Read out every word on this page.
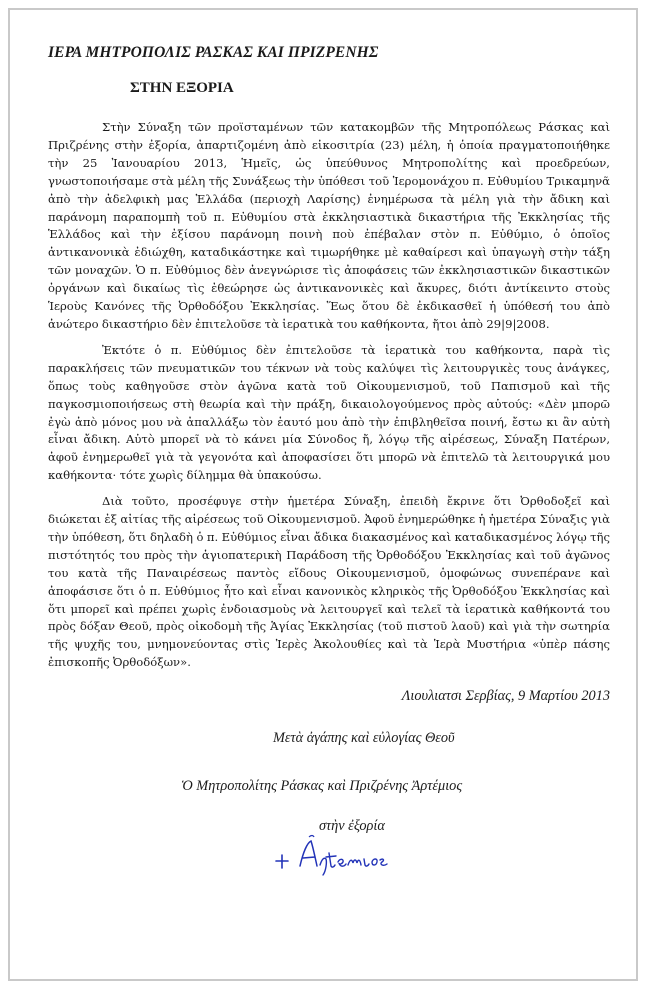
ΙΕΡΑ ΜΗΤΡΟΠΟΛΙΣ ΡΑΣΚΑΣ ΚΑΙ ΠΡΙΖΡΕΝΗΣ
ΣΤΗΝ ΕΞΟΡΙΑ

Στὴν Σύναξη τῶν προϊσταμένων τῶν κατακομβῶν τῆς Μητροπόλεως Ράσκας καὶ Πριζρένης στὴν ἐξορία, ἀπαρτιζομένη ἀπὸ εἰκοσιτρία (23) μέλη, ἡ ὁποία πραγματοποιήθηκε τὴν 25 Ἰανουαρίου 2013, Ἡμεῖς, ὡς ὑπεύθυνος Μητροπολίτης καὶ προεδρεύων, γνωστοποιήσαμε στὰ μέλη τῆς Συνάξεως τὴν ὑπόθεσι τοῦ Ἱερομονάχου π. Εὐθυμίου Τρικαμηνᾶ ἀπὸ τὴν ἀδελφικὴ μας Ἑλλάδα (περιοχὴ Λαρίσης) ἐνημέρωσα τὰ μέλη γιὰ τὴν ἄδικη καὶ παράνομη παραπομπὴ τοῦ π. Εὐθυμίου στὰ ἐκκλησιαστικὰ δικαστήρια τῆς Ἐκκλησίας τῆς Ἑλλάδος καὶ τὴν ἐξίσου παράνομη ποινὴ ποὺ ἐπέβαλαν στὸν π. Εὐθύμιο, ὁ ὁποῖος ἀντικανονικὰ ἐδιώχθη, καταδικάστηκε καὶ τιμωρήθηκε μὲ καθαίρεσι καὶ ὑπαγωγὴ στὴν τάξη τῶν μοναχῶν. Ὁ π. Εὐθύμιος δὲν ἀνεγνώρισε τὶς ἀποφάσεις τῶν ἐκκλησιαστικῶν δικαστικῶν ὀργάνων καὶ δικαίως τὶς ἐθεώρησε ὡς ἀντικανονικὲς καὶ ἄκυρες, διότι ἀντίκειντο στοὺς Ἱεροὺς Κανόνες τῆς Ὀρθοδόξου Ἐκκλησίας. Ἕως ὅτου δὲ ἐκδικασθεῖ ἡ ὑπόθεσή του ἀπὸ ἀνώτερο δικαστήριο δὲν ἐπιτελοῦσε τὰ ἱερατικὰ του καθήκοντα, ἤτοι ἀπὸ 29|9|2008.

Ἐκτότε ὁ π. Εὐθύμιος δὲν ἐπιτελοῦσε τὰ ἱερατικὰ του καθήκοντα, παρὰ τὶς παρακλήσεις τῶν πνευματικῶν του τέκνων νὰ τοὺς καλύψει τὶς λειτουργικὲς τους ἀνάγκες, ὅπως τοὺς καθηγοῦσε στὸν ἀγῶνα κατὰ τοῦ Οἰκουμενισμοῦ, τοῦ Παπισμοῦ καὶ τῆς παγκοσμιοποιήσεως στὴ θεωρία καὶ τὴν πράξη, δικαιολογούμενος πρὸς αὐτούς: «Δὲν μπορῶ ἐγὼ ἀπὸ μόνος μου νὰ ἀπαλλάξω τὸν ἑαυτό μου ἀπὸ τὴν ἐπιβληθεῖσα ποινή, ἔστω κι ἂν αὐτὴ εἶναι ἄδικη. Αὐτὸ μπορεῖ νὰ τὸ κάνει μία Σύνοδος ἤ, λόγῳ τῆς αἱρέσεως, Σύναξη Πατέρων, ἀφοῦ ἐνημερωθεῖ γιὰ τὰ γεγονότα καὶ ἀποφασίσει ὅτι μπορῶ νὰ ἐπιτελῶ τὰ λειτουργικά μου καθήκοντα· τότε χωρὶς δίλημμα θὰ ὑπακούσω.

Διὰ τοῦτο, προσέφυγε στὴν ἡμετέρα Σύναξη, ἐπειδὴ ἔκρινε ὅτι Ὀρθοδοξεῖ καὶ διώκεται ἐξ αἰτίας τῆς αἱρέσεως τοῦ Οἰκουμενισμοῦ. Ἀφοῦ ἐνημερώθηκε ἡ ἡμετέρα Σύναξις γιὰ τὴν ὑπόθεση, ὅτι δηλαδὴ ὁ π. Εὐθύμιος εἶναι ἄδικα διακασμένος καὶ καταδικασμένος λόγῳ τῆς πιστότητός του πρὸς τὴν ἁγιοπατερικὴ Παράδοση τῆς Ὀρθοδόξου Ἐκκλησίας καὶ τοῦ ἀγῶνος του κατὰ τῆς Παναιρέσεως παντὸς εἴδους Οἰκουμενισμοῦ, ὁμοφώνως συνεπέρανε καὶ ἀποφάσισε ὅτι ὁ π. Εὐθύμιος ἦτο καὶ εἶναι κανονικὸς κληρικὸς τῆς Ὀρθοδόξου Ἐκκλησίας καὶ ὅτι μπορεῖ καὶ πρέπει χωρὶς ἐνδοιασμοὺς νὰ λειτουργεῖ καὶ τελεῖ τὰ ἱερατικὰ καθήκοντά του πρὸς δόξαν Θεοῦ, πρὸς οἰκοδομὴ τῆς Ἁγίας Ἐκκλησίας (τοῦ πιστοῦ λαοῦ) καὶ γιὰ τὴν σωτηρία τῆς ψυχῆς του, μνημονεύοντας στὶς Ἱερὲς Ἀκολουθίες καὶ τὰ Ἱερὰ Μυστήρια «ὑπὲρ πάσης ἐπισκοπῆς Ὀρθοδόξων».

Λιουλιατσι Σερβίας, 9 Μαρτίου 2013
Μετὰ ἀγάπης καὶ εὐλογίας Θεοῦ
Ὁ Μητροπολίτης Ράσκας καὶ Πριζρένης Ἀρτέμιος
στὴν ἐξορία
